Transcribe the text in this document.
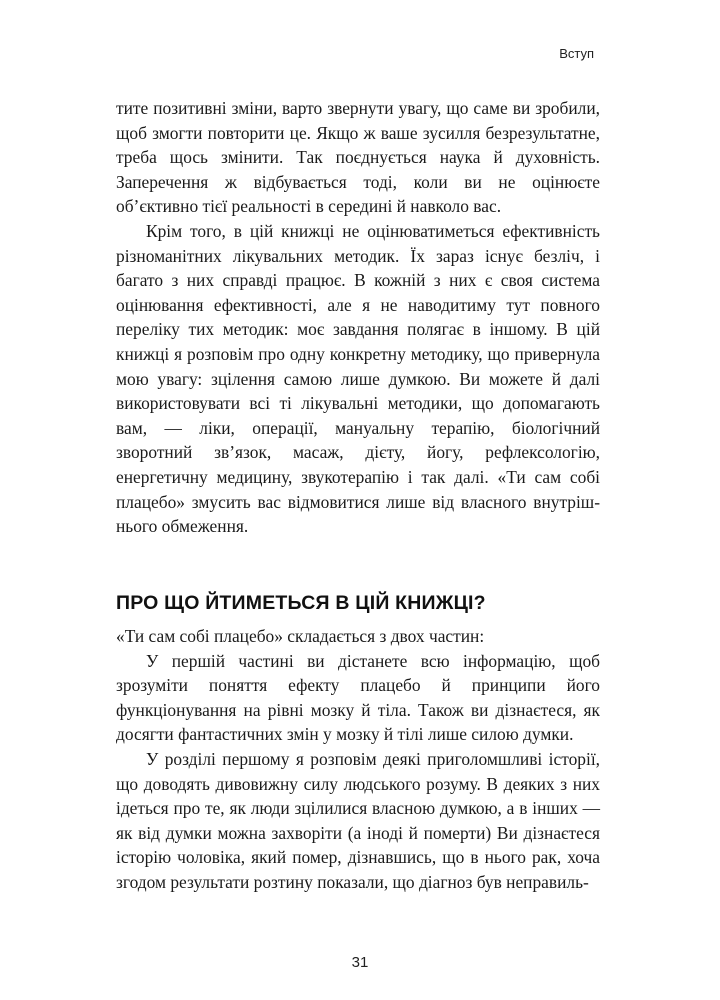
Вступ

тите позитивні зміни, варто звернути увагу, що саме ви зробили, щоб змогти повторити це. Якщо ж ваше зусилля безрезультатне, треба щось змінити. Так поєднується наука й духовність. Заперечення ж відбувається тоді, коли ви не оцінюєте об’єктивно тієї реальності в середині й навколо вас.

Крім того, в цій книжці не оцінюватиметься ефективність різноманітних лікувальних методик. Їх зараз існує безліч, і багато з них справді працює. В кожній з них є своя система оцінювання ефективності, але я не наводитиму тут повного переліку тих методик: моє завдання полягає в іншому. В цій книжці я розповім про одну конкретну методику, що привернула мою увагу: зцілення самою лише думкою. Ви можете й далі використовувати всі ті лікувальні методики, що допомагають вам, — ліки, операції, мануальну терапію, біологічний зворотний зв’язок, масаж, дієту, йогу, рефлексологію, енергетичну медицину, звукотерапію і так далі. «Ти сам собі плацебо» змусить вас відмовитися лише від власного внутрішнього обмеження.

ПРО ЩО ЙТИМЕТЬСЯ В ЦІЙ КНИЖЦІ?

«Ти сам собі плацебо» складається з двох частин:

У першій частині ви дістанете всю інформацію, щоб зрозуміти поняття ефекту плацебо й принципи його функціонування на рівні мозку й тіла. Також ви дізнаєтеся, як досягти фантастичних змін у мозку й тілі лише силою думки.

У розділі першому я розповім деякі приголомшливі історії, що доводять дивовижну силу людського розуму. В деяких з них ідеться про те, як люди зцілилися власною думкою, а в інших — як від думки можна захворіти (а іноді й померти) Ви дізнаєтеся історію чоловіка, який помер, дізнавшись, що в нього рак, хоча згодом результати розтину показали, що діагноз був неправиль-

31
